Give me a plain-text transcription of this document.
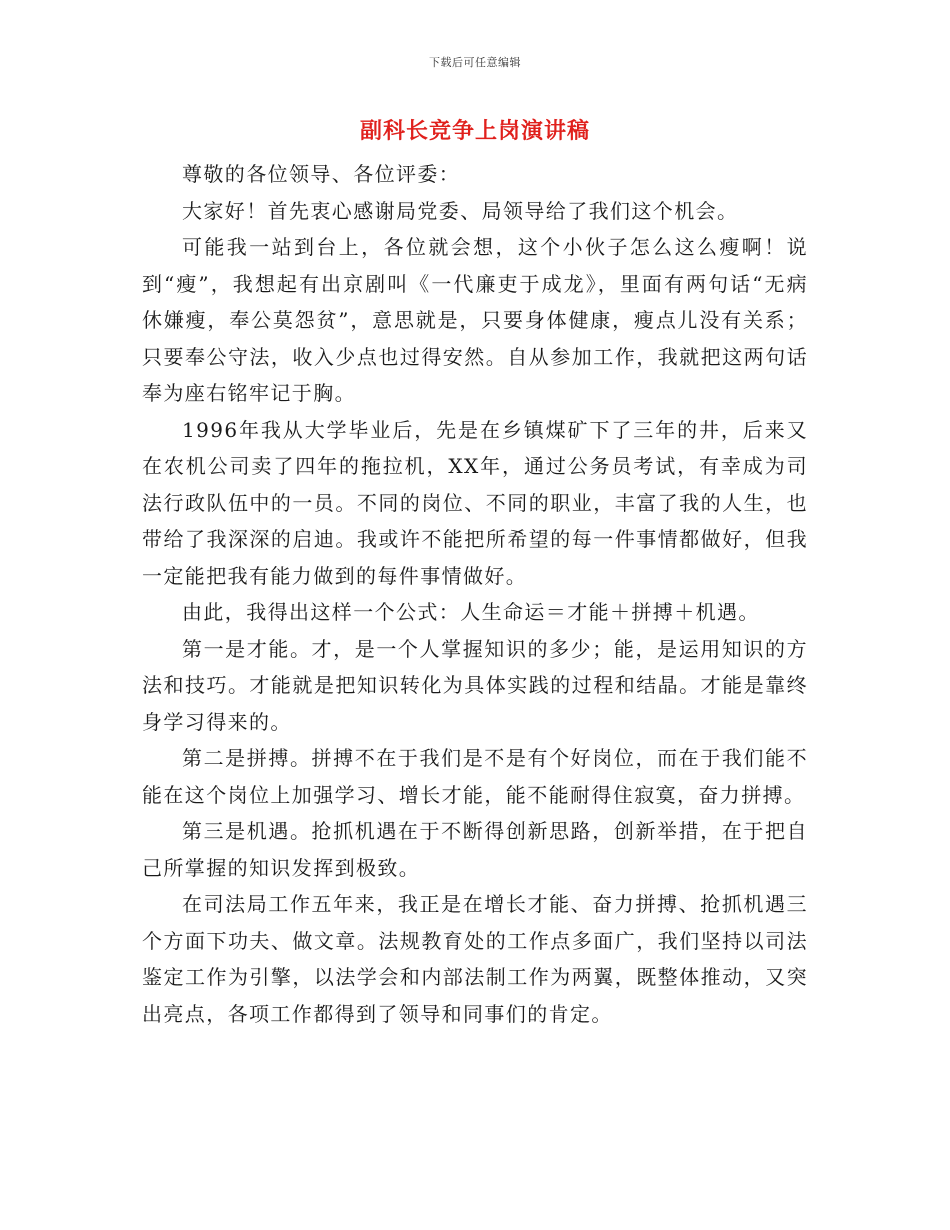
下载后可任意编辑
副科长竞争上岗演讲稿

尊敬的各位领导、各位评委：

大家好！首先衷心感谢局党委、局领导给了我们这个机会。

可能我一站到台上，各位就会想，这个小伙子怎么这么瘦啊！说到“瘦”，我想起有出京剧叫《一代廉吏于成龙》，里面有两句话“无病休嫌瘦，奉公莫怨贫”，意思就是，只要身体健康，瘦点儿没有关系；只要奉公守法，收入少点也过得安然。自从参加工作，我就把这两句话奉为座右铭牢记于胸。

1996年我从大学毕业后，先是在乡镇煤矿下了三年的井，后来又在农机公司卖了四年的拖拉机，XX年，通过公务员考试，有幸成为司法行政队伍中的一员。不同的岗位、不同的职业，丰富了我的人生，也带给了我深深的启迪。我或许不能把所希望的每一件事情都做好，但我一定能把我有能力做到的每件事情做好。

由此，我得出这样一个公式：人生命运＝才能＋拼搏＋机遇。

第一是才能。才，是一个人掌握知识的多少；能，是运用知识的方法和技巧。才能就是把知识转化为具体实践的过程和结晶。才能是靠终身学习得来的。

第二是拼搏。拼搏不在于我们是不是有个好岗位，而在于我们能不能在这个岗位上加强学习、增长才能，能不能耐得住寂寞，奋力拼搏。

第三是机遇。抢抓机遇在于不断得创新思路，创新举措，在于把自己所掌握的知识发挥到极致。

在司法局工作五年来，我正是在增长才能、奋力拼搏、抢抓机遇三个方面下功夫、做文章。法规教育处的工作点多面广，我们坚持以司法鉴定工作为引擎，以法学会和内部法制工作为两翼，既整体推动，又突出亮点，各项工作都得到了领导和同事们的肯定。
